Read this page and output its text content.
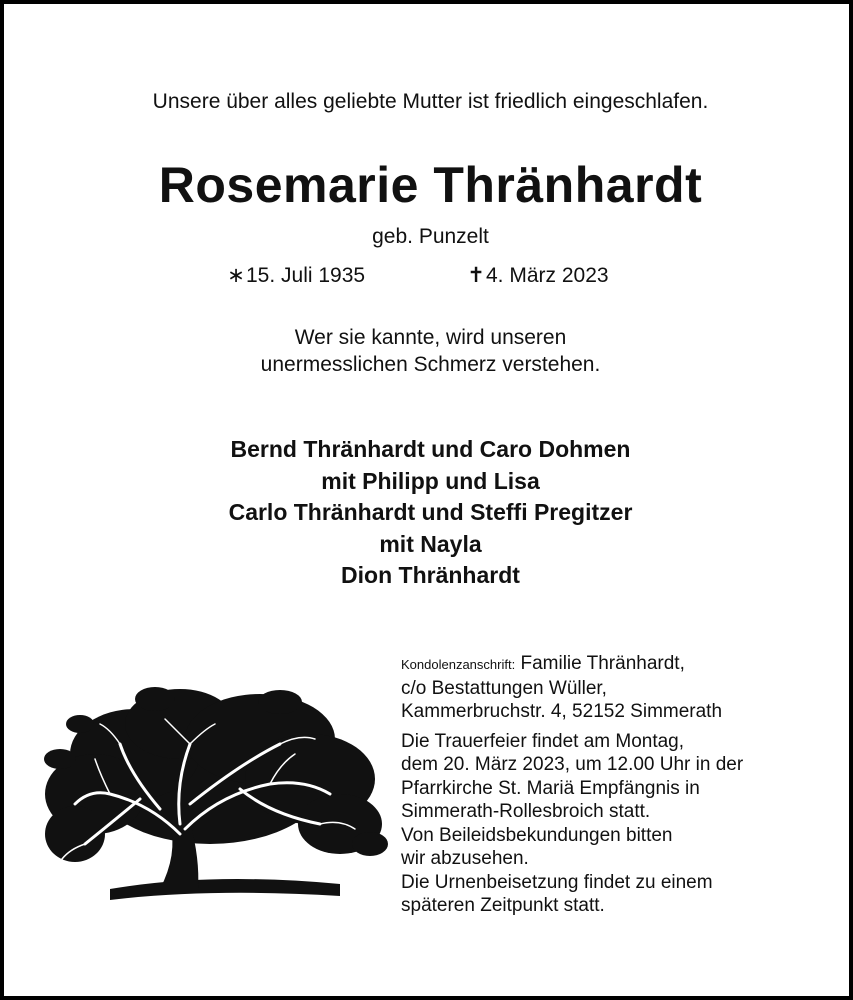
Unsere über alles geliebte Mutter ist friedlich eingeschlafen.
Rosemarie Thränhardt
geb. Punzelt
∗15. Juli 1935	✝4. März 2023
Wer sie kannte, wird unseren
unermesslichen Schmerz verstehen.
Bernd Thränhardt und Caro Dohmen
mit Philipp und Lisa
Carlo Thränhardt und Steffi Pregitzer
mit Nayla
Dion Thränhardt
Kondolenzanschrift: Familie Thränhardt,
c/o Bestattungen Wüller,
Kammerbruchstr. 4, 52152 Simmerath
Die Trauerfeier findet am Montag,
dem 20. März 2023, um 12.00 Uhr in der
Pfarrkirche St. Mariä Empfängnis in
Simmerath-Rollesbroich statt.
Von Beileidsbekundungen bitten
wir abzusehen.
Die Urnenbeisetzung findet zu einem
späteren Zeitpunkt statt.
